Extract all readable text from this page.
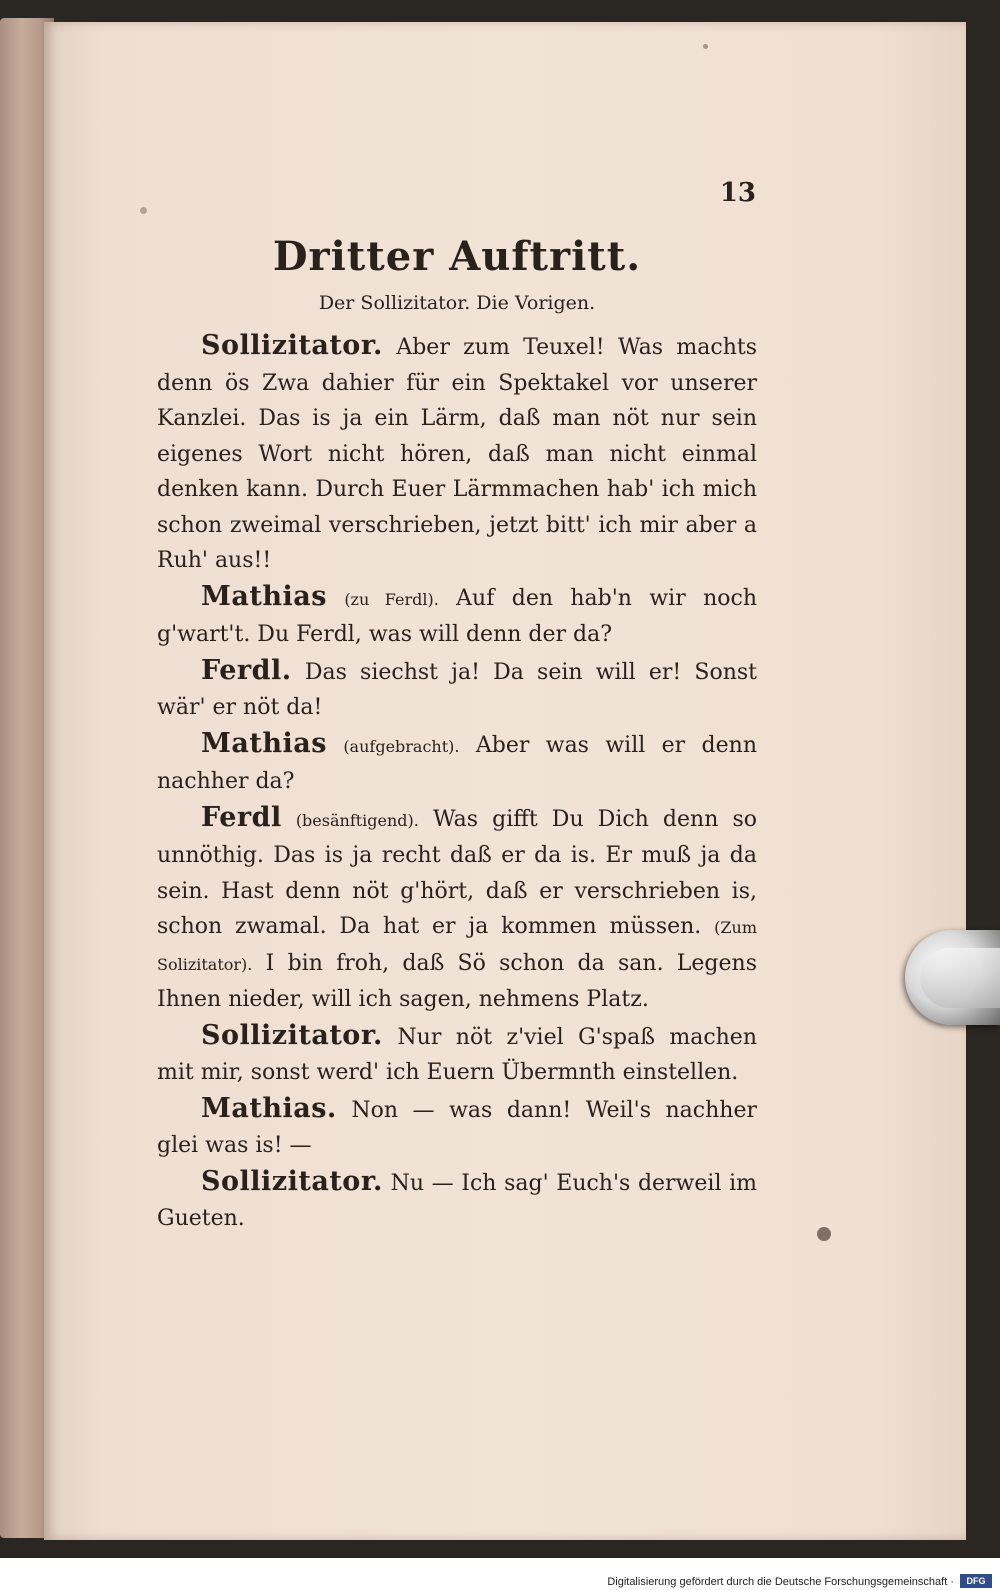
13
Dritter Auftritt.

Der Sollizitator. Die Vorigen.

Sollizitator. Aber zum Teuxel! Was machts denn ös Zwa dahier für ein Spektakel vor unserer Kanzlei. Das is ja ein Lärm, daß man nöt nur sein eigenes Wort nicht hören, daß man nicht einmal denken kann. Durch Euer Lärmmachen hab' ich mich schon zweimal verschrieben, jetzt bitt' ich mir aber a Ruh' aus!!

Mathias (zu Ferdl). Auf den hab'n wir noch g'wart't. Du Ferdl, was will denn der da?

Ferdl. Das siechst ja! Da sein will er! Sonst wär' er nöt da!

Mathias (aufgebracht). Aber was will er denn nachher da?

Ferdl (besänftigend). Was gifft Du Dich denn so unnöthig. Das is ja recht daß er da is. Er muß ja da sein. Hast denn nöt g'hört, daß er verschrieben is, schon zwamal. Da hat er ja kommen müssen. (Zum Solizitator). I bin froh, daß Sö schon da san. Legens Ihnen nieder, will ich sagen, nehmens Platz.

Sollizitator. Nur nöt z'viel G'spaß machen mit mir, sonst werd' ich Euern Übermnth einstellen.

Mathias. Non — was dann! Weil's nachher glei was is! —

Sollizitator. Nu — Ich sag' Euch's derweil im Gueten.

Digitalisierung gefördert durch die Deutsche Forschungsgemeinschaft ·	DFG
